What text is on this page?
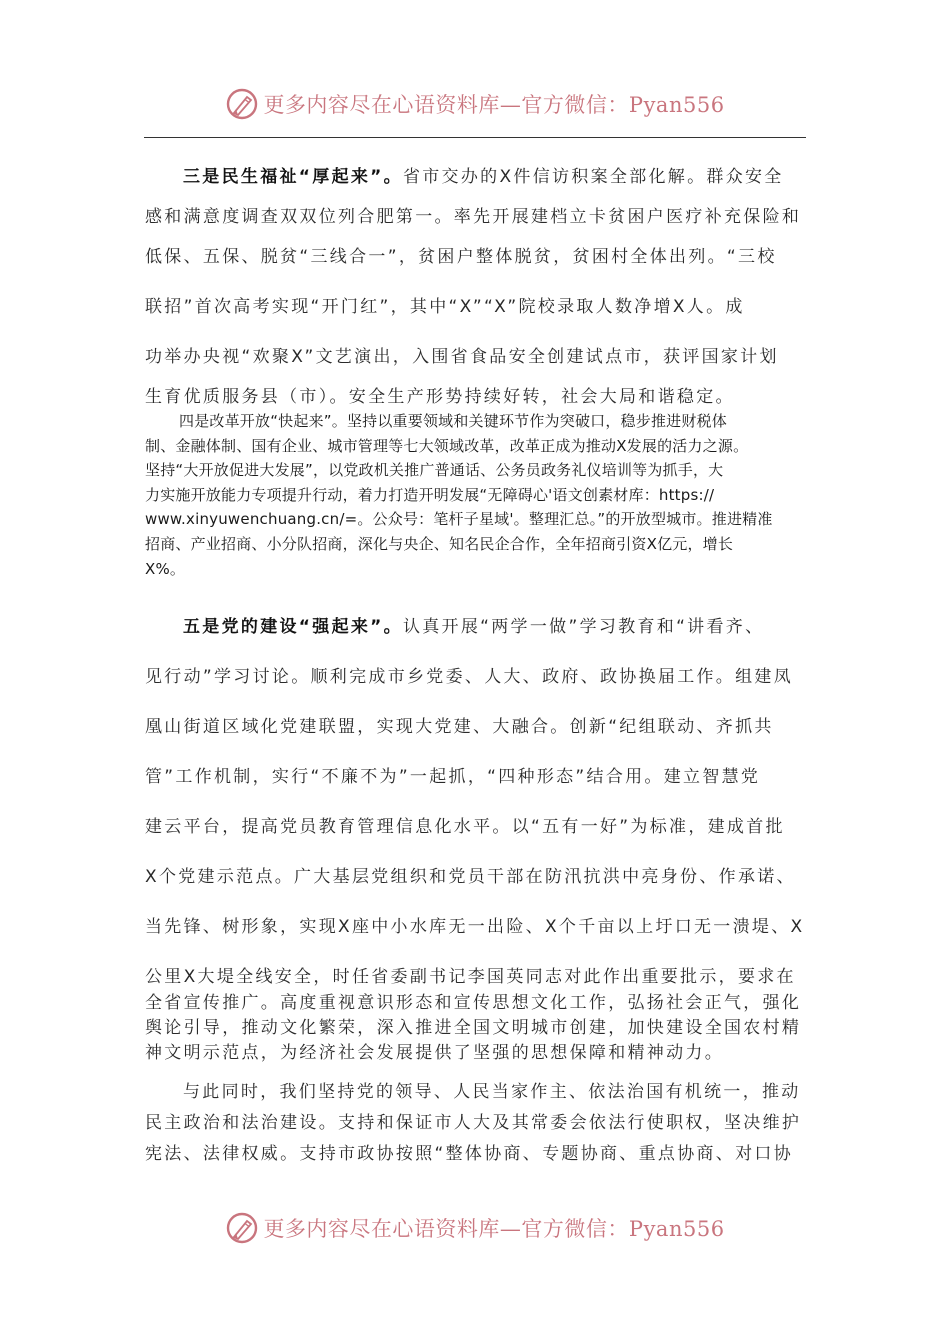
更多内容尽在心语资料库—官方微信：Pyan556
三是民生福祉“厚起来”。省市交办的X件信访积案全部化解。群众安全
感和满意度调查双双位列合肥第一。率先开展建档立卡贫困户医疗补充保险和
低保、五保、脱贫“三线合一”，贫困户整体脱贫，贫困村全体出列。“三校
联招”首次高考实现“开门红”，其中“X”“X”院校录取人数净增X人。成
功举办央视“欢聚X”文艺演出，入围省食品安全创建试点市，获评国家计划
生育优质服务县（市）。安全生产形势持续好转，社会大局和谐稳定。
四是改革开放“快起来”。坚持以重要领域和关键环节作为突破口，稳步推进财税体
制、金融体制、国有企业、城市管理等七大领域改革，改革正成为推动X发展的活力之源。
坚持“大开放促进大发展”，以党政机关推广普通话、公务员政务礼仪培训等为抓手，大
力实施开放能力专项提升行动，着力打造开明发展“无障碍心'语文创素材库：https://
www.xinyuwenchuang.cn/=。公众号：笔杆子星域'。整理汇总。”的开放型城市。推进精准
招商、产业招商、小分队招商，深化与央企、知名民企合作，全年招商引资X亿元，增长
X%。
五是党的建设“强起来”。认真开展“两学一做”学习教育和“讲看齐、
见行动”学习讨论。顺利完成市乡党委、人大、政府、政协换届工作。组建凤
凰山街道区域化党建联盟，实现大党建、大融合。创新“纪组联动、齐抓共
管”工作机制，实行“不廉不为”一起抓，“四种形态”结合用。建立智慧党
建云平台，提高党员教育管理信息化水平。以“五有一好”为标准，建成首批
X个党建示范点。广大基层党组织和党员干部在防汛抗洪中亮身份、作承诺、
当先锋、树形象，实现X座中小水库无一出险、X个千亩以上圩口无一溃堤、X
公里X大堤全线安全，时任省委副书记李国英同志对此作出重要批示，要求在
全省宣传推广。高度重视意识形态和宣传思想文化工作，弘扬社会正气，强化
舆论引导，推动文化繁荣，深入推进全国文明城市创建，加快建设全国农村精
神文明示范点，为经济社会发展提供了坚强的思想保障和精神动力。
与此同时，我们坚持党的领导、人民当家作主、依法治国有机统一，推动
民主政治和法治建设。支持和保证市人大及其常委会依法行使职权，坚决维护
宪法、法律权威。支持市政协按照“整体协商、专题协商、重点协商、对口协
更多内容尽在心语资料库—官方微信：Pyan556
